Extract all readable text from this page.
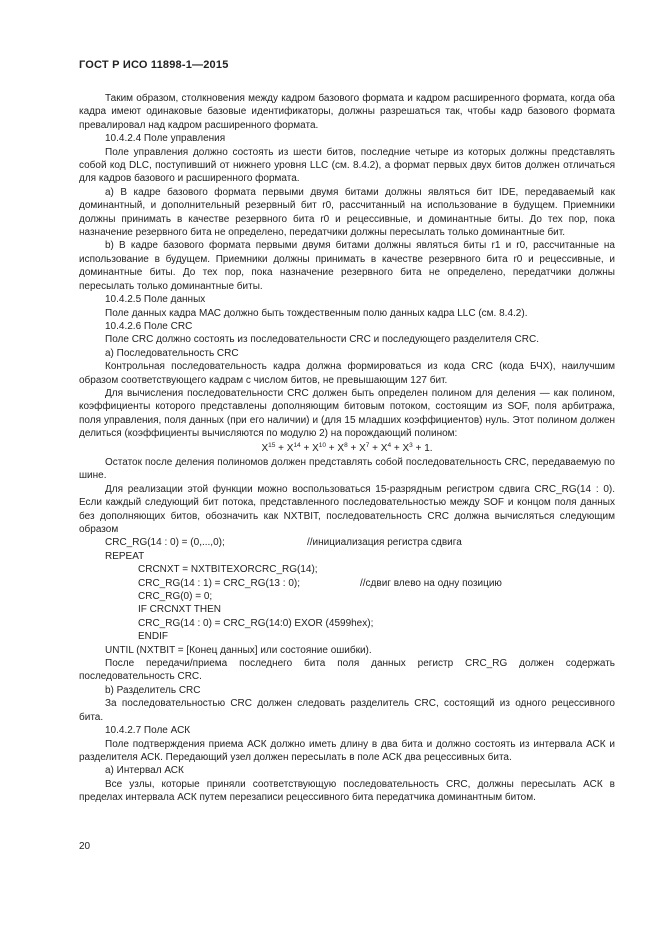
ГОСТ Р ИСО 11898-1—2015

Таким образом, столкновения между кадром базового формата и кадром расширенного формата, когда оба кадра имеют одинаковые базовые идентификаторы, должны разрешаться так, чтобы кадр базового формата превалировал над кадром расширенного формата.

10.4.2.4 Поле управления

Поле управления должно состоять из шести битов, последние четыре из которых должны представлять собой код DLC, поступивший от нижнего уровня LLC (см. 8.4.2), а формат первых двух битов должен отличаться для кадров базового и расширенного формата.

а) В кадре базового формата первыми двумя битами должны являться бит IDE, передаваемый как доминантный, и дополнительный резервный бит r0, рассчитанный на использование в будущем. Приемники должны принимать в качестве резервного бита r0 и рецессивные, и доминантные биты. До тех пор, пока назначение резервного бита не определено, передатчики должны пересылать только доминантные бит.

b) В кадре базового формата первыми двумя битами должны являться биты r1 и r0, рассчитанные на использование в будущем. Приемники должны принимать в качестве резервного бита r0 и рецессивные, и доминантные биты. До тех пор, пока назначение резервного бита не определено, передатчики должны пересылать только доминантные биты.

10.4.2.5 Поле данных

Поле данных кадра МАС должно быть тождественным полю данных кадра LLC (см. 8.4.2).

10.4.2.6 Поле CRC

Поле CRC должно состоять из последовательности CRC и последующего разделителя CRC.

а) Последовательность CRC

Контрольная последовательность кадра должна формироваться из кода CRC (кода БЧХ), наилучшим образом соответствующего кадрам с числом битов, не превышающим 127 бит.

Для вычисления последовательности CRC должен быть определен полином для деления — как полином, коэффициенты которого представлены дополняющим битовым потоком, состоящим из SOF, поля арбитража, поля управления, поля данных (при его наличии) и (для 15 младших коэффициентов) нуль. Этот полином должен делиться (коэффициенты вычисляются по модулю 2) на порождающий полином:

$X^{15} + X^{14} + X^{10} + X^8 + X^7 + X^4 + X^3 + 1$.

Остаток после деления полиномов должен представлять собой последовательность CRC, передаваемую по шине.

Для реализации этой функции можно воспользоваться 15-разрядным регистром сдвига CRC_RG(14 : 0). Если каждый следующий бит потока, представленного последовательностью между SOF и концом поля данных без дополняющих битов, обозначить как NXTBIT, последовательность CRC должна вычисляться следующим образом

CRC_RG(14 : 0) = (0,...,0);	//инициализация регистра сдвига

REPEAT

CRCNXT = NXTBITEXORCRC_RG(14);

CRC_RG(14 : 1) = CRC_RG(13 : 0);	//сдвиг влево на одну позицию

CRC_RG(0) = 0;

IF CRCNXT THEN

CRC_RG(14 : 0) = CRC_RG(14:0) EXOR (4599hex);

ENDIF

UNTIL (NXTBIT = [Конец данных] или состояние ошибки).

После передачи/приема последнего бита поля данных регистр CRC_RG должен содержать последовательность CRC.

b) Разделитель CRC

За последовательностью CRC должен следовать разделитель CRC, состоящий из одного рецессивного бита.

10.4.2.7 Поле АСК

Поле подтверждения приема АСК должно иметь длину в два бита и должно состоять из интервала АСК и разделителя АСК. Передающий узел должен пересылать в поле АСК два рецессивных бита.

а) Интервал АСК

Все узлы, которые приняли соответствующую последовательность CRC, должны пересылать АСК в пределах интервала АСК путем перезаписи рецессивного бита передатчика доминантным битом.

20
